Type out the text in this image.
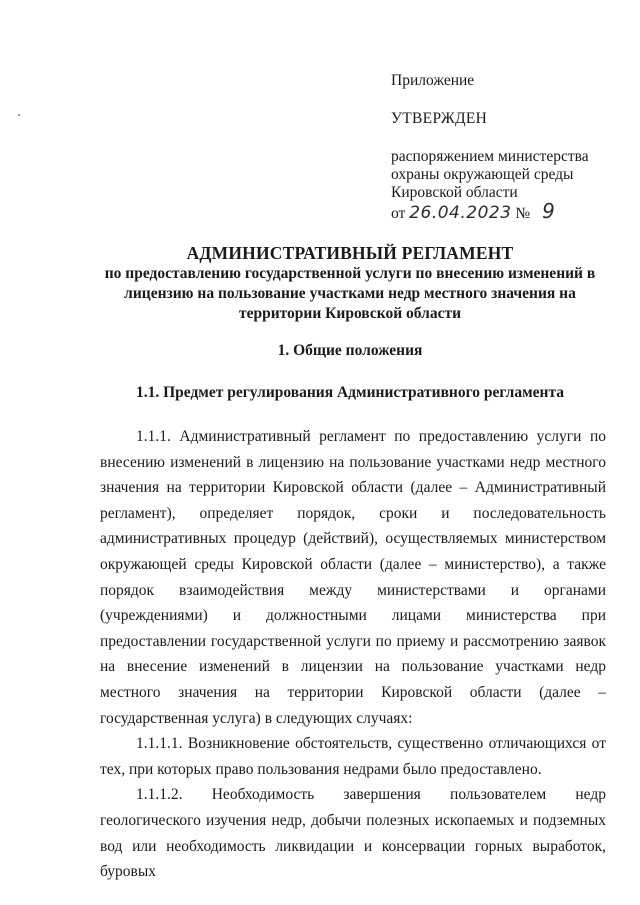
Приложение
УТВЕРЖДЕН
распоряжением министерства
охраны окружающей среды
Кировской области
от 26.04.2023 № 9
АДМИНИСТРАТИВНЫЙ РЕГЛАМЕНТ
по предоставлению государственной услуги по внесению изменений в
лицензию на пользование участками недр местного значения на
территории Кировской области
1. Общие положения
1.1. Предмет регулирования Административного регламента

1.1.1. Административный регламент по предоставлению услуги по внесению изменений в лицензию на пользование участками недр местного значения на территории Кировской области (далее – Административный регламент), определяет порядок, сроки и последовательность административных процедур (действий), осуществляемых министерством окружающей среды Кировской области (далее – министерство), а также порядок взаимодействия между министерствами и органами (учреждениями) и должностными лицами министерства при предоставлении государственной услуги по приему и рассмотрению заявок на внесение изменений в лицензии на пользование участками недр местного значения на территории Кировской области (далее – государственная услуга) в следующих случаях:

1.1.1.1. Возникновение обстоятельств, существенно отличающихся от тех, при которых право пользования недрами было предоставлено.

1.1.1.2. Необходимость завершения пользователем недр геологического изучения недр, добычи полезных ископаемых и подземных вод или необходимость ликвидации и консервации горных выработок, буровых
